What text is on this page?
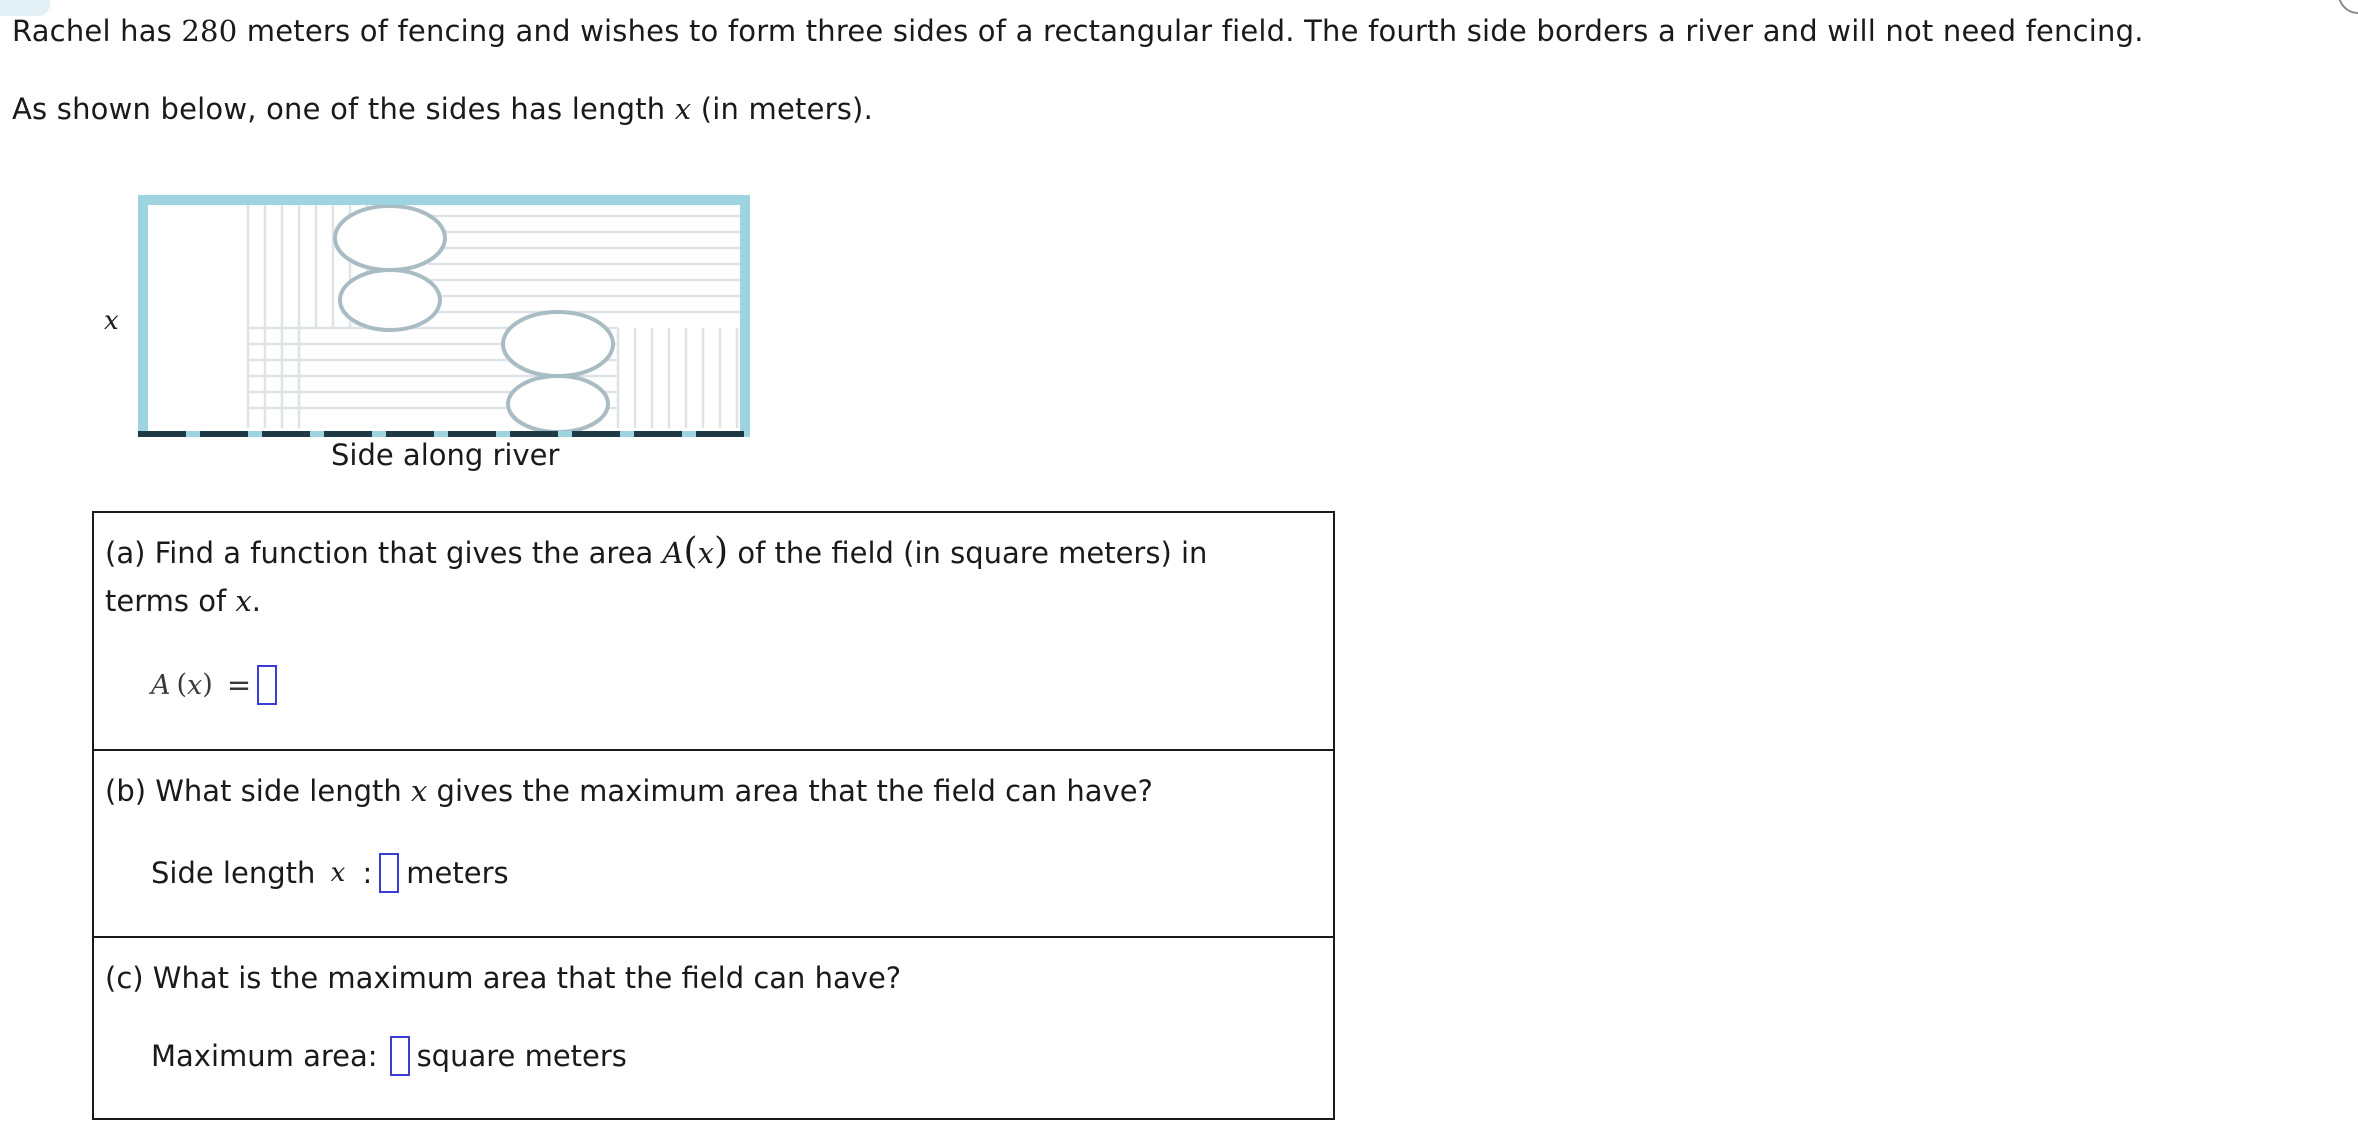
Rachel has 280 meters of fencing and wishes to form three sides of a rectangular field. The fourth side borders a river and will not need fencing.
As shown below, one of the sides has length x (in meters).
x
Side along river
(a) Find a function that gives the area A(x) of the field (in square meters) in
terms of x.
A ( x ) =
(b) What side length x gives the maximum area that the field can have?
Side length x : meters
(c) What is the maximum area that the field can have?
Maximum area: square meters
